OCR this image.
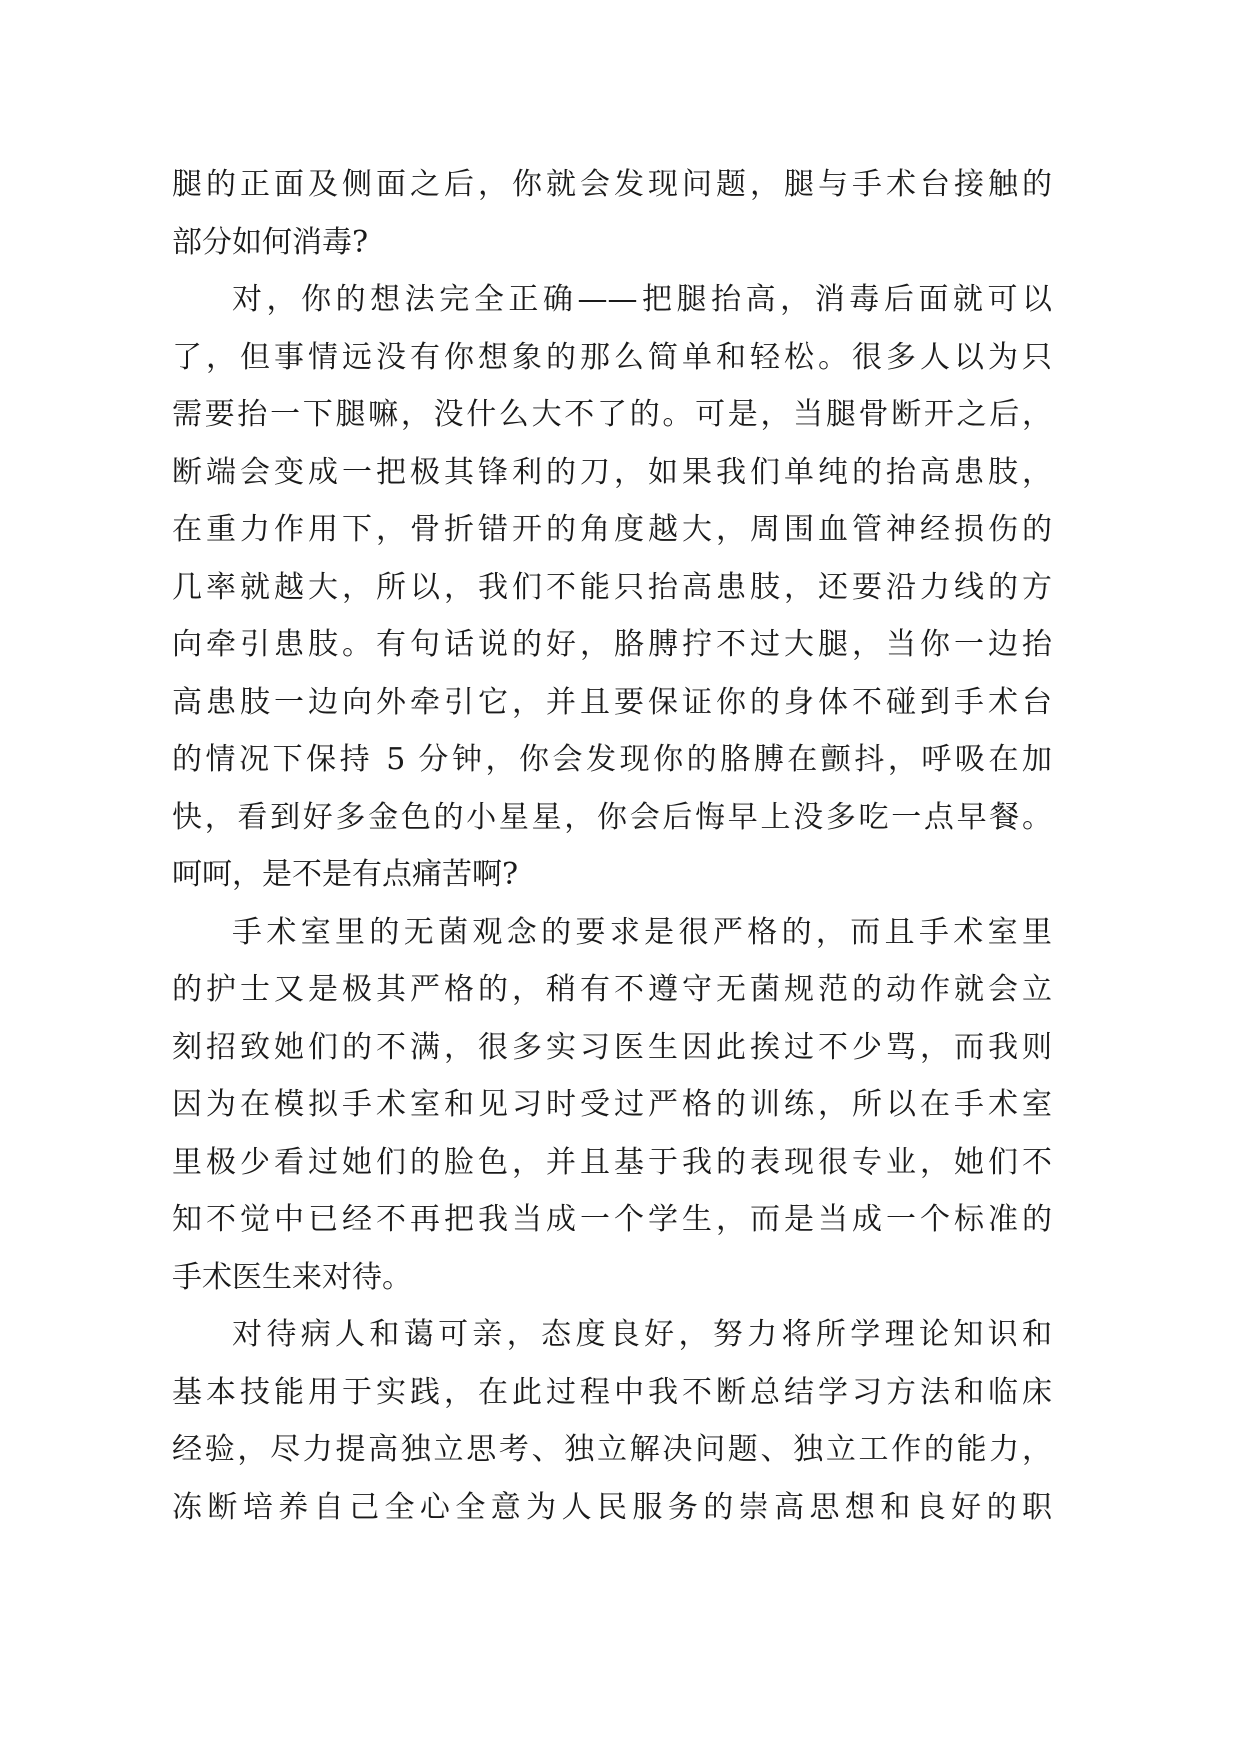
腿的正面及侧面之后，你就会发现问题，腿与手术台接触的
部分如何消毒?
对，你的想法完全正确——把腿抬高，消毒后面就可以
了，但事情远没有你想象的那么简单和轻松。很多人以为只
需要抬一下腿嘛，没什么大不了的。可是，当腿骨断开之后，
断端会变成一把极其锋利的刀，如果我们单纯的抬高患肢，
在重力作用下，骨折错开的角度越大，周围血管神经损伤的
几率就越大，所以，我们不能只抬高患肢，还要沿力线的方
向牵引患肢。有句话说的好，胳膊拧不过大腿，当你一边抬
高患肢一边向外牵引它，并且要保证你的身体不碰到手术台
的情况下保持 5 分钟，你会发现你的胳膊在颤抖，呼吸在加
快，看到好多金色的小星星，你会后悔早上没多吃一点早餐。
呵呵，是不是有点痛苦啊?
手术室里的无菌观念的要求是很严格的，而且手术室里
的护士又是极其严格的，稍有不遵守无菌规范的动作就会立
刻招致她们的不满，很多实习医生因此挨过不少骂，而我则
因为在模拟手术室和见习时受过严格的训练，所以在手术室
里极少看过她们的脸色，并且基于我的表现很专业，她们不
知不觉中已经不再把我当成一个学生，而是当成一个标准的
手术医生来对待。
对待病人和蔼可亲，态度良好，努力将所学理论知识和
基本技能用于实践，在此过程中我不断总结学习方法和临床
经验，尽力提高独立思考、独立解决问题、独立工作的能力，
冻断培养自己全心全意为人民服务的崇高思想和良好的职
